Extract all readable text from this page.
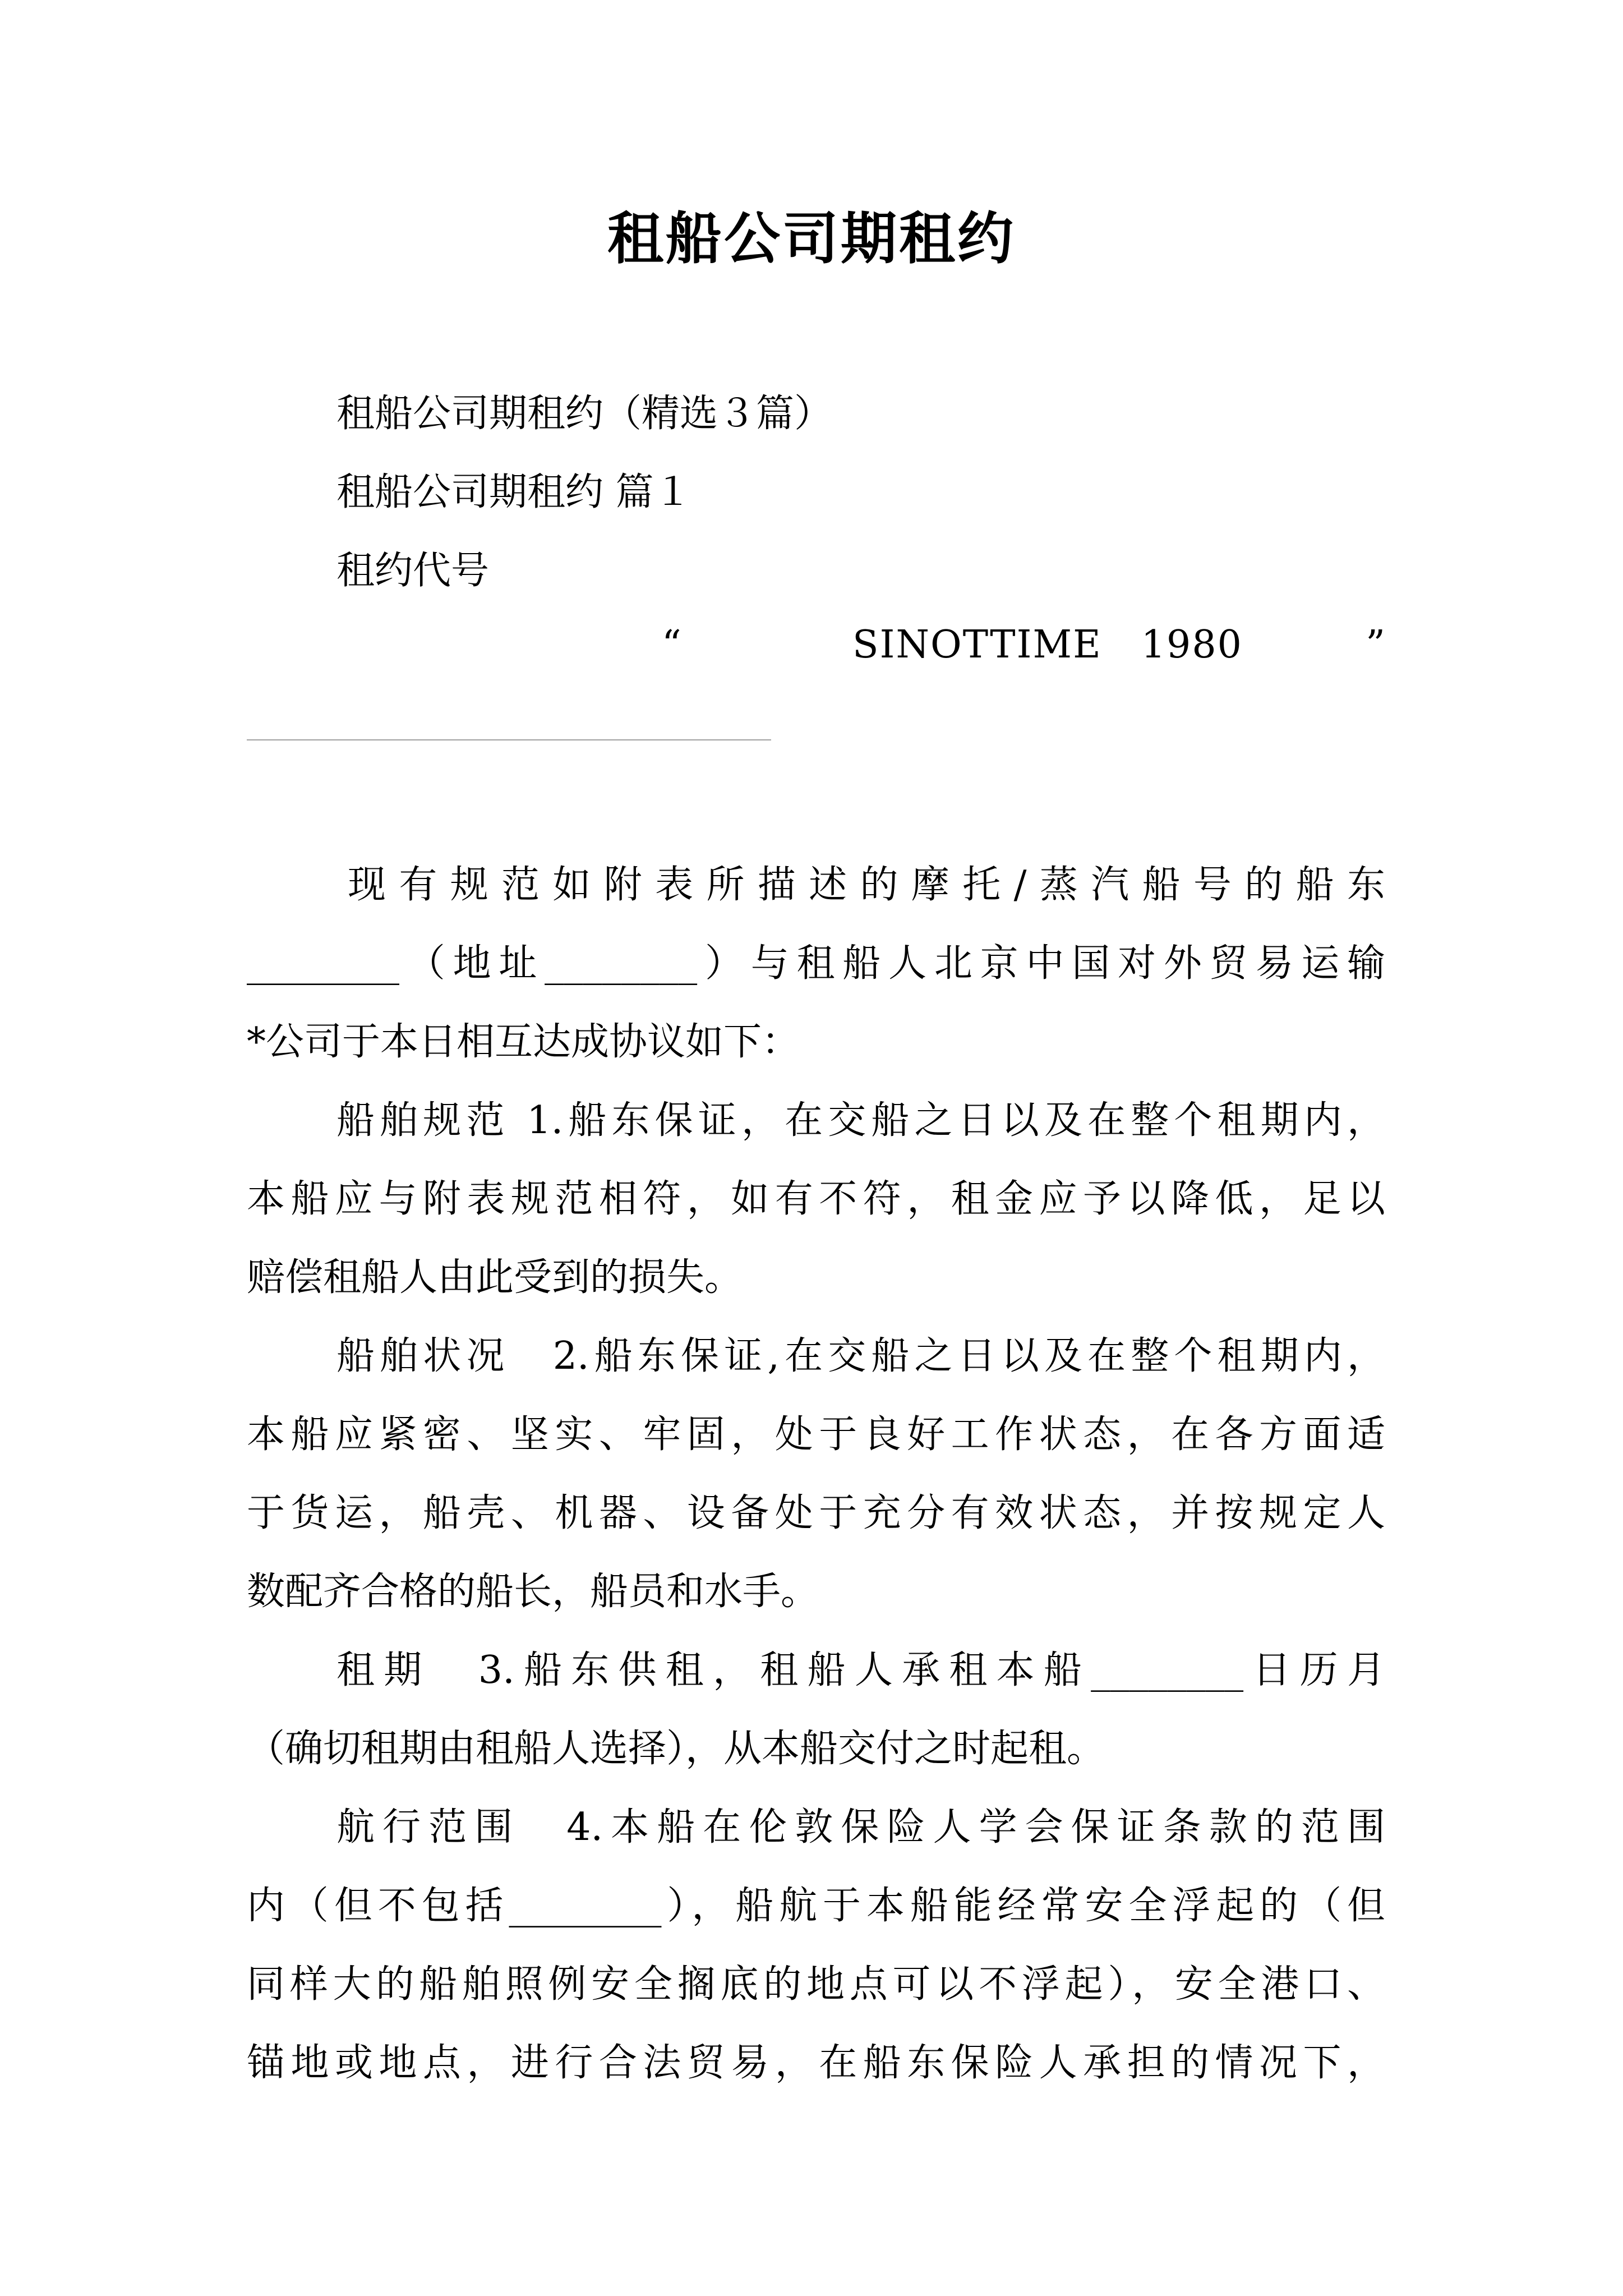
租船公司期租约
租船公司期租约（精选３篇）
租船公司期租约 篇１
租约代号
“	SINOTTIME　1980	”
现有规范如附表所描述的摩托/蒸汽船号的船东
________（地址________）与租船人北京中国对外贸易运输
*公司于本日相互达成协议如下：
船舶规范 1.船东保证，在交船之日以及在整个租期内，
本船应与附表规范相符，如有不符，租金应予以降低，足以
赔偿租船人由此受到的损失。
船舶状况　2.船东保证,在交船之日以及在整个租期内，
本船应紧密、坚实、牢固，处于良好工作状态，在各方面适
于货运，船壳、机器、设备处于充分有效状态，并按规定人
数配齐合格的船长，船员和水手。
租期　3.船东供租，租船人承租本船________日历月
（确切租期由租船人选择），从本船交付之时起租。
航行范围　4.本船在伦敦保险人学会保证条款的范围
内（但不包括________），船航于本船能经常安全浮起的（但
同样大的船舶照例安全搁底的地点可以不浮起），安全港口、
锚地或地点，进行合法贸易，在船东保险人承担的情况下，
